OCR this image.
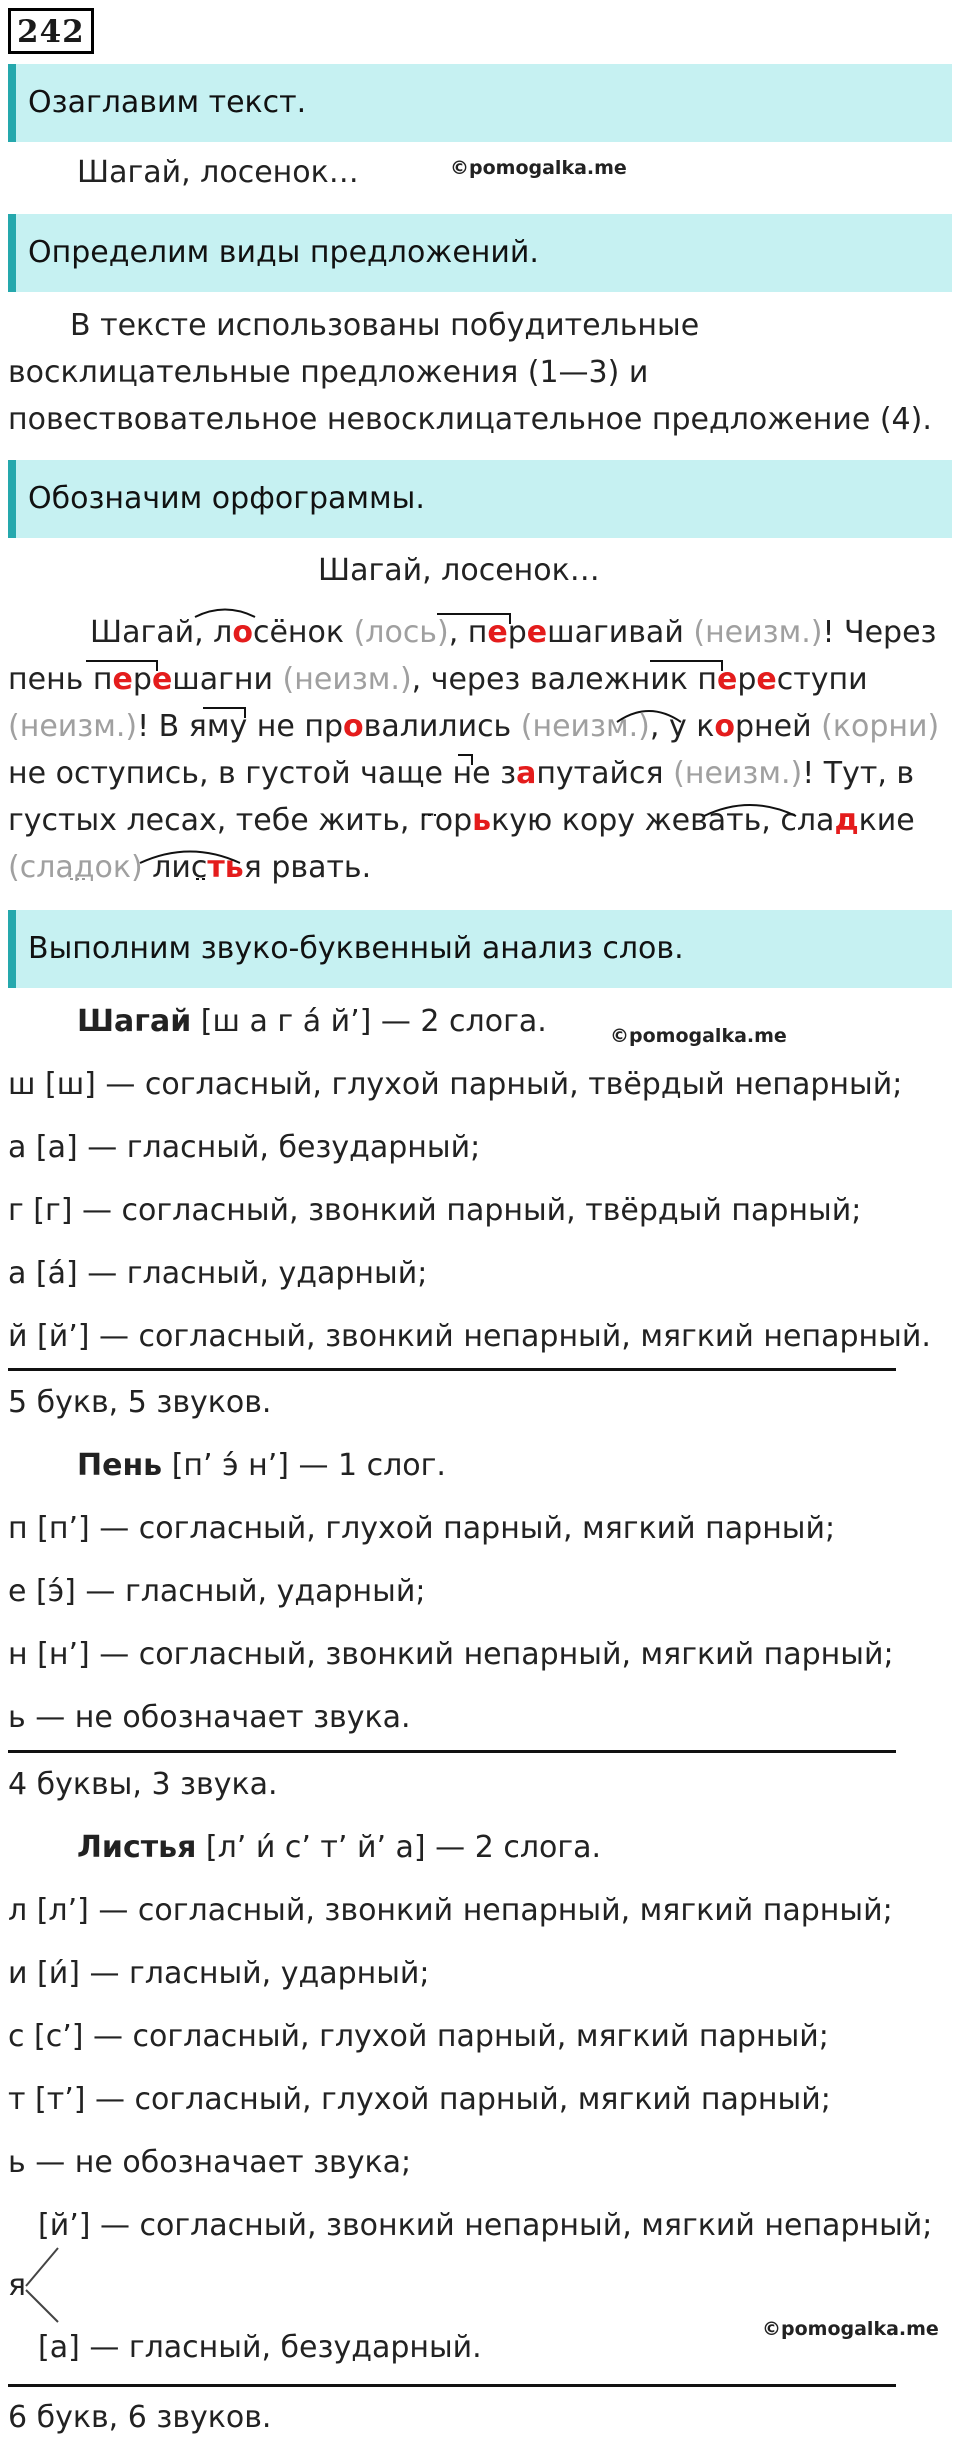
242
Озаглавим текст.
Шагай, лосенок…	©pomogalka.me
Определим виды предложений.
В тексте использованы побудительные
восклицательные предложения (1—3) и
повествовательное невосклицательное предложение (4).
Обозначим орфограммы.
Шагай, лосенок…
Шагай, лосёнок (лось), перешагивай (неизм.)! Через
пень перешагни (неизм.), через валежник переступи
(неизм.)! В яму не провалились (неизм.), у корней (корни)
не оступись, в густой чаще не запутайся (неизм.)! Тут, в
густых лесах, тебе жить, горькую кору жевать, сладкие
(сладок) листья рвать.
Выполним звуко-буквенный анализ слов.
Шагай [ш а г а́ й’] — 2 слога.	©pomogalka.me
ш [ш] — согласный, глухой парный, твёрдый непарный;
а [а] — гласный, безударный;
г [г] — согласный, звонкий парный, твёрдый парный;
а [а́] — гласный, ударный;
й [й’] — согласный, звонкий непарный, мягкий непарный.
5 букв, 5 звуков.
Пень [п’ э́ н’] — 1 слог.
п [п’] — согласный, глухой парный, мягкий парный;
е [э́] — гласный, ударный;
н [н’] — согласный, звонкий непарный, мягкий парный;
ь — не обозначает звука.
4 буквы, 3 звука.
Листья [л’ и́ с’ т’ й’ а] — 2 слога.
л [л’] — согласный, звонкий непарный, мягкий парный;
и [и́] — гласный, ударный;
с [с’] — согласный, глухой парный, мягкий парный;
т [т’] — согласный, глухой парный, мягкий парный;
ь — не обозначает звука;
[й’] — согласный, звонкий непарный, мягкий непарный;
я
[а] — гласный, безударный.
©pomogalka.me
6 букв, 6 звуков.
